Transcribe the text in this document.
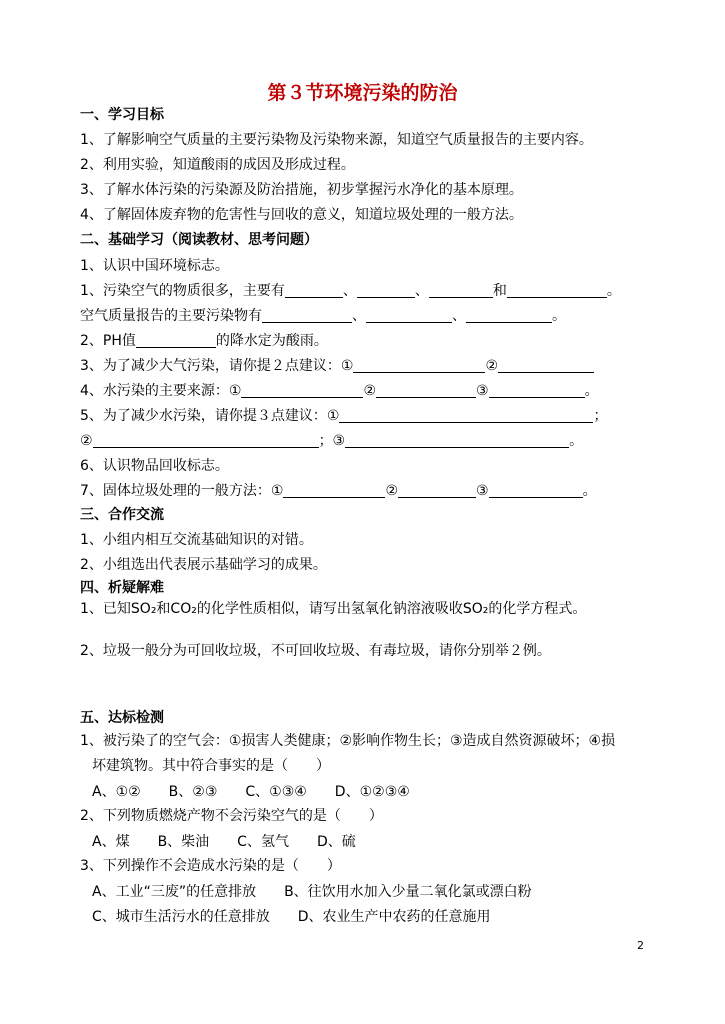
第３节环境污染的防治
一、学习目标
1、了解影响空气质量的主要污染物及污染物来源，知道空气质量报告的主要内容。
2、利用实验，知道酸雨的成因及形成过程。
3、了解水体污染的污染源及防治措施，初步掌握污水净化的基本原理。
4、了解固体废弃物的危害性与回收的意义，知道垃圾处理的一般方法。
二、基础学习（阅读教材、思考问题）
1、认识中国环境标志。
1、污染空气的物质很多，主要有	、	、	和	。
空气质量报告的主要污染物有	、	、	。
2、PH值	的降水定为酸雨。
3、为了减少大气污染，请你提２点建议：①	②
4、水污染的主要来源：①	②	③	。
5、为了减少水污染，请你提３点建议：①	；
②	；③	。
6、认识物品回收标志。
7、固体垃圾处理的一般方法：①	②	③	。
三、合作交流
1、小组内相互交流基础知识的对错。
2、小组选出代表展示基础学习的成果。
四、析疑解难
1、已知SO₂和CO₂的化学性质相似，请写出氢氧化钠溶液吸收SO₂的化学方程式。
2、垃圾一般分为可回收垃圾，不可回收垃圾、有毒垃圾，请你分别举２例。
五、达标检测
1、被污染了的空气会：①损害人类健康；②影响作物生长；③造成自然资源破坏；④损
坏建筑物。其中符合事实的是（　　）
A、①②　　B、②③　　C、①③④　　D、①②③④
2、下列物质燃烧产物不会污染空气的是（　　）
A、煤　　B、柴油　　C、氢气　　D、硫
3、下列操作不会造成水污染的是（　　）
A、工业“三废”的任意排放　　B、往饮用水加入少量二氧化氯或漂白粉
C、城市生活污水的任意排放　　D、农业生产中农药的任意施用
2
